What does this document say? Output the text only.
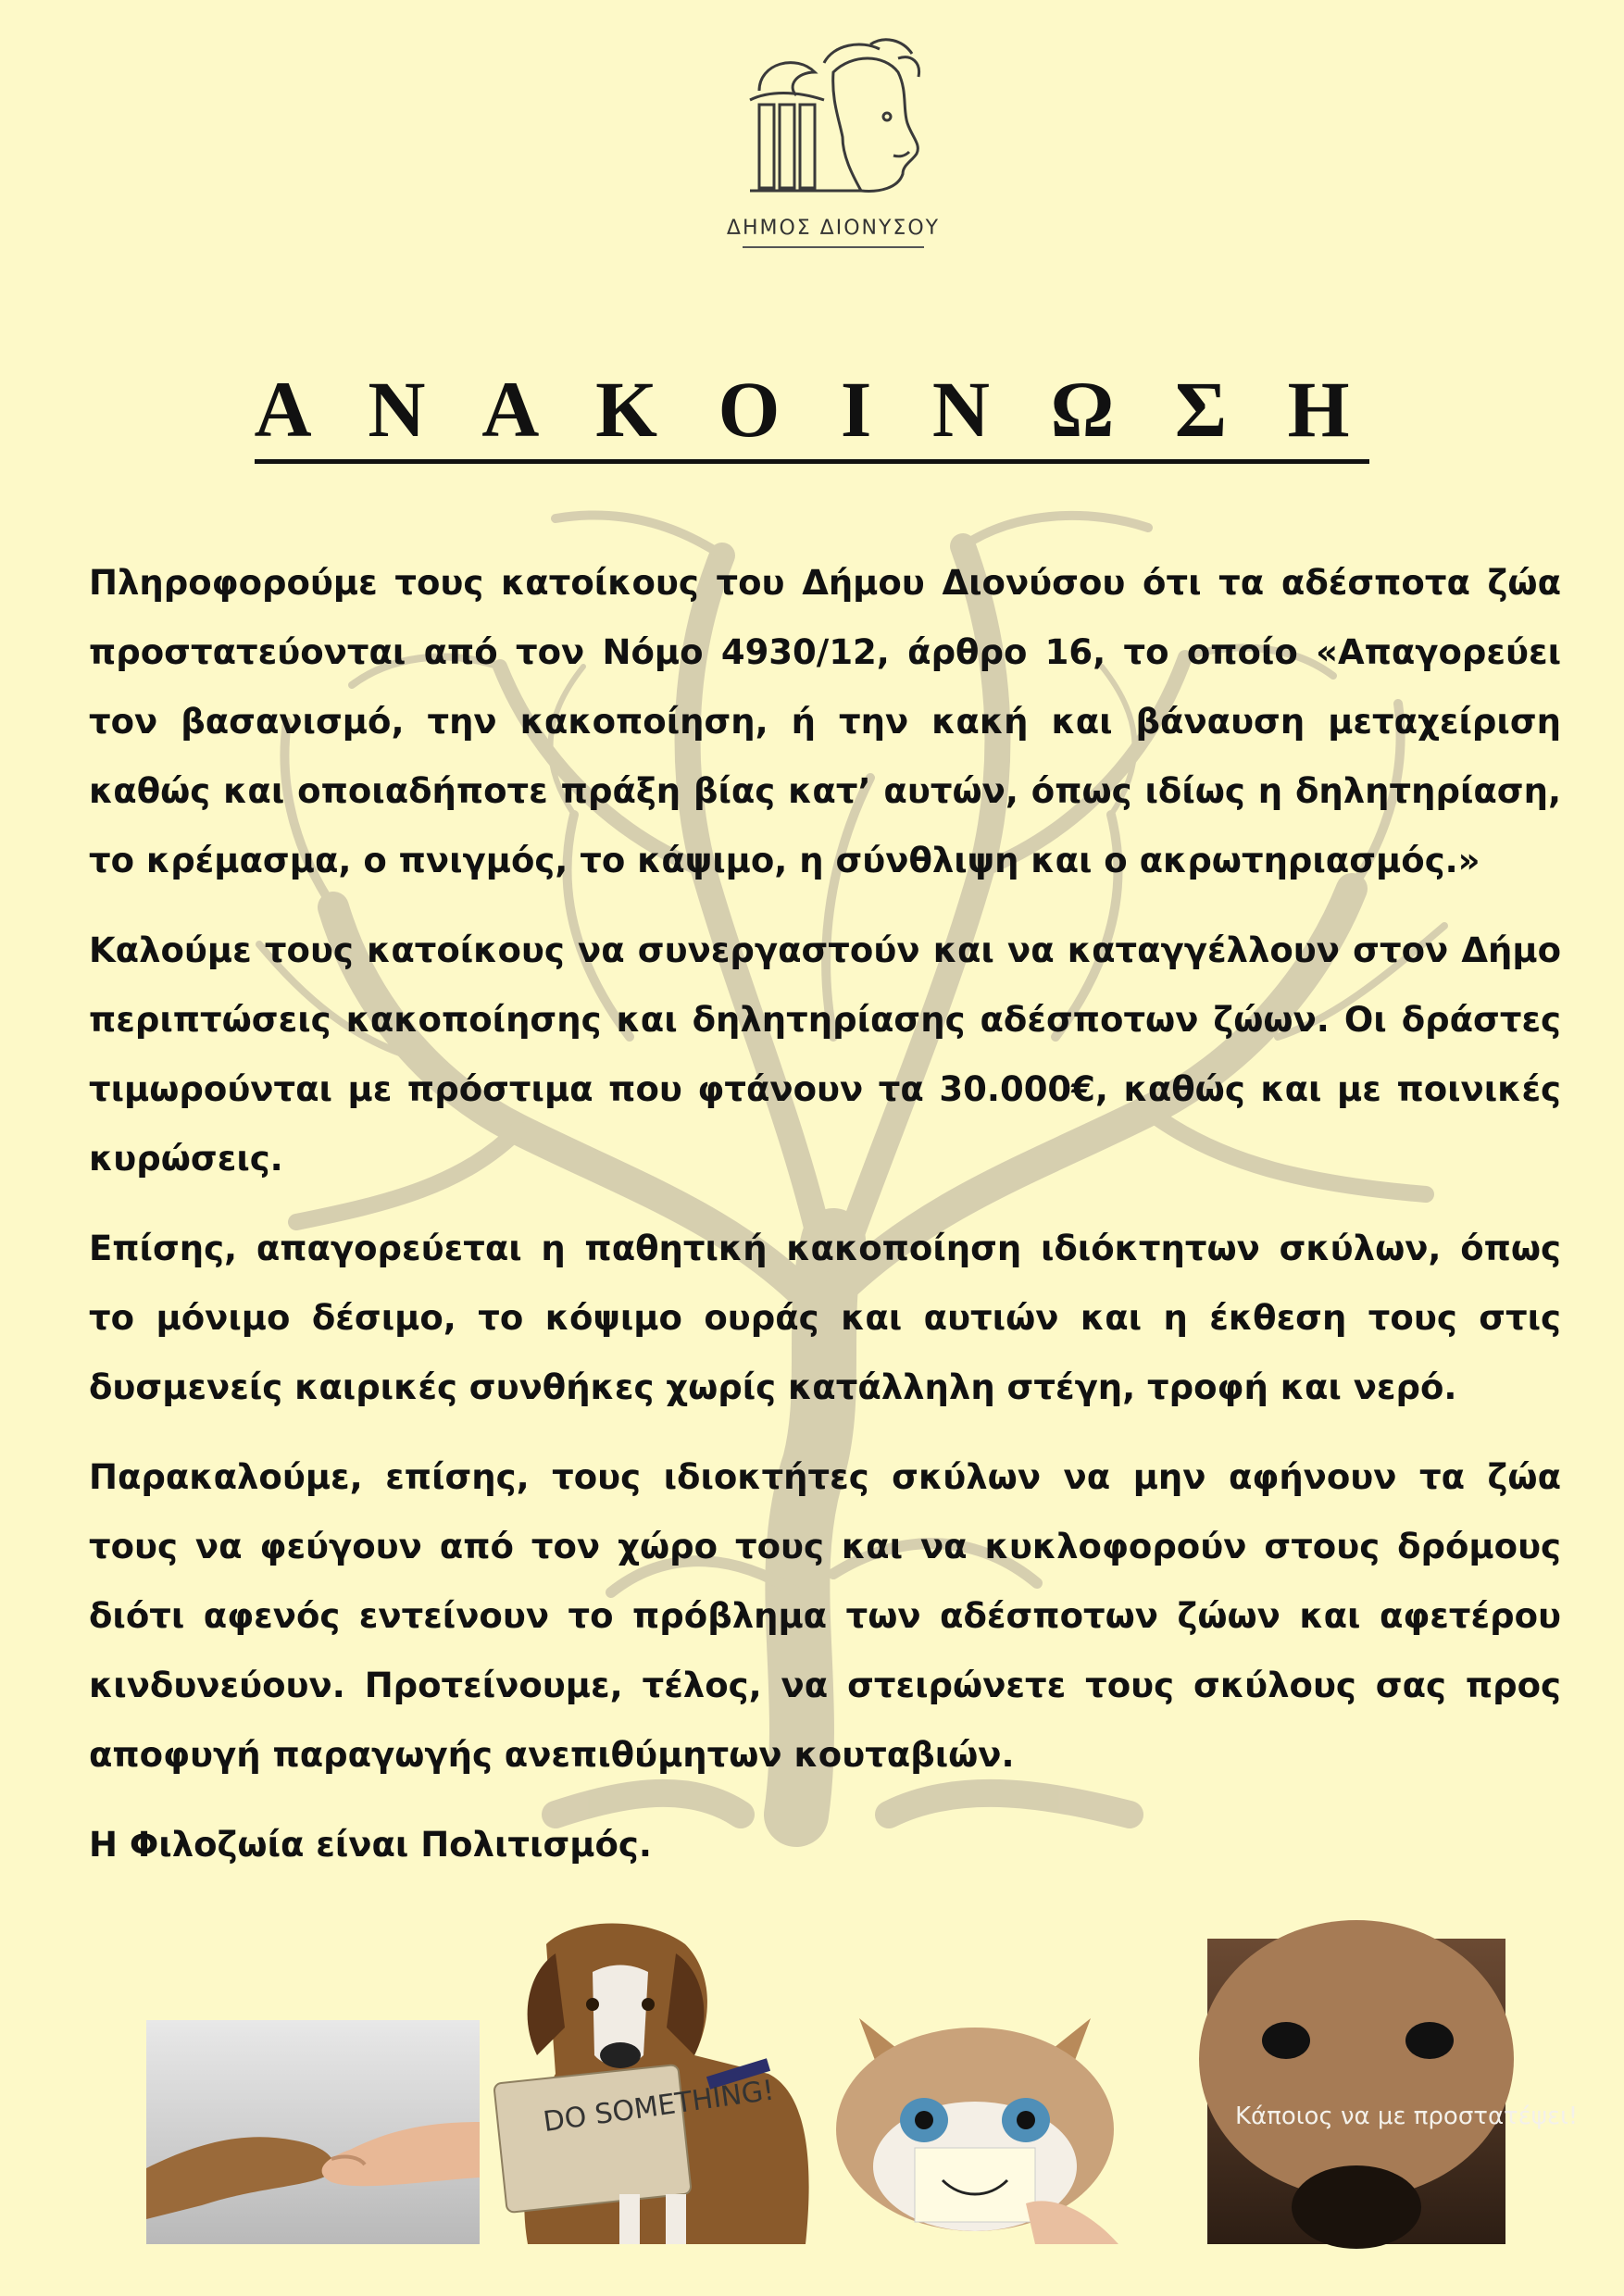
ΔΗΜΟΣ ΔΙΟΝΥΣΟΥ
Α Ν Α Κ Ο Ι Ν Ω Σ Η

Πληροφορούμε τους κατοίκους του Δήμου Διονύσου ότι τα αδέσποτα ζώα προστατεύονται από τον Νόμο 4930/12, άρθρο 16, το οποίο «Απαγορεύει τον βασανισμό, την κακοποίηση, ή την κακή και βάναυση μεταχείριση καθώς και οποιαδήποτε πράξη βίας κατ’ αυτών, όπως ιδίως η δηλητηρίαση, το κρέμασμα, ο πνιγμός, το κάψιμο, η σύνθλιψη και ο ακρωτηριασμός.»

Καλούμε τους κατοίκους να συνεργαστούν και να καταγγέλλουν στον Δήμο περιπτώσεις κακοποίησης και δηλητηρίασης αδέσποτων ζώων. Οι δράστες τιμωρούνται με πρόστιμα που φτάνουν τα 30.000€, καθώς και με ποινικές κυρώσεις.

Επίσης, απαγορεύεται η παθητική κακοποίηση ιδιόκτητων σκύλων, όπως το μόνιμο δέσιμο, το κόψιμο ουράς και αυτιών και η έκθεση τους στις δυσμενείς καιρικές συνθήκες χωρίς κατάλληλη στέγη, τροφή και νερό.

Παρακαλούμε, επίσης, τους ιδιοκτήτες σκύλων να μην αφήνουν τα ζώα τους να φεύγουν από τον χώρο τους και να κυκλοφορούν στους δρόμους διότι αφενός εντείνουν το πρόβλημα των αδέσποτων ζώων και αφετέρου κινδυνεύουν. Προτείνουμε, τέλος, να στειρώνετε τους σκύλους σας προς αποφυγή παραγωγής ανεπιθύμητων κουταβιών.

Η Φιλοζωία είναι Πολιτισμός.

DO SOMETHING!	Κάποιος να με προστατέψει!
